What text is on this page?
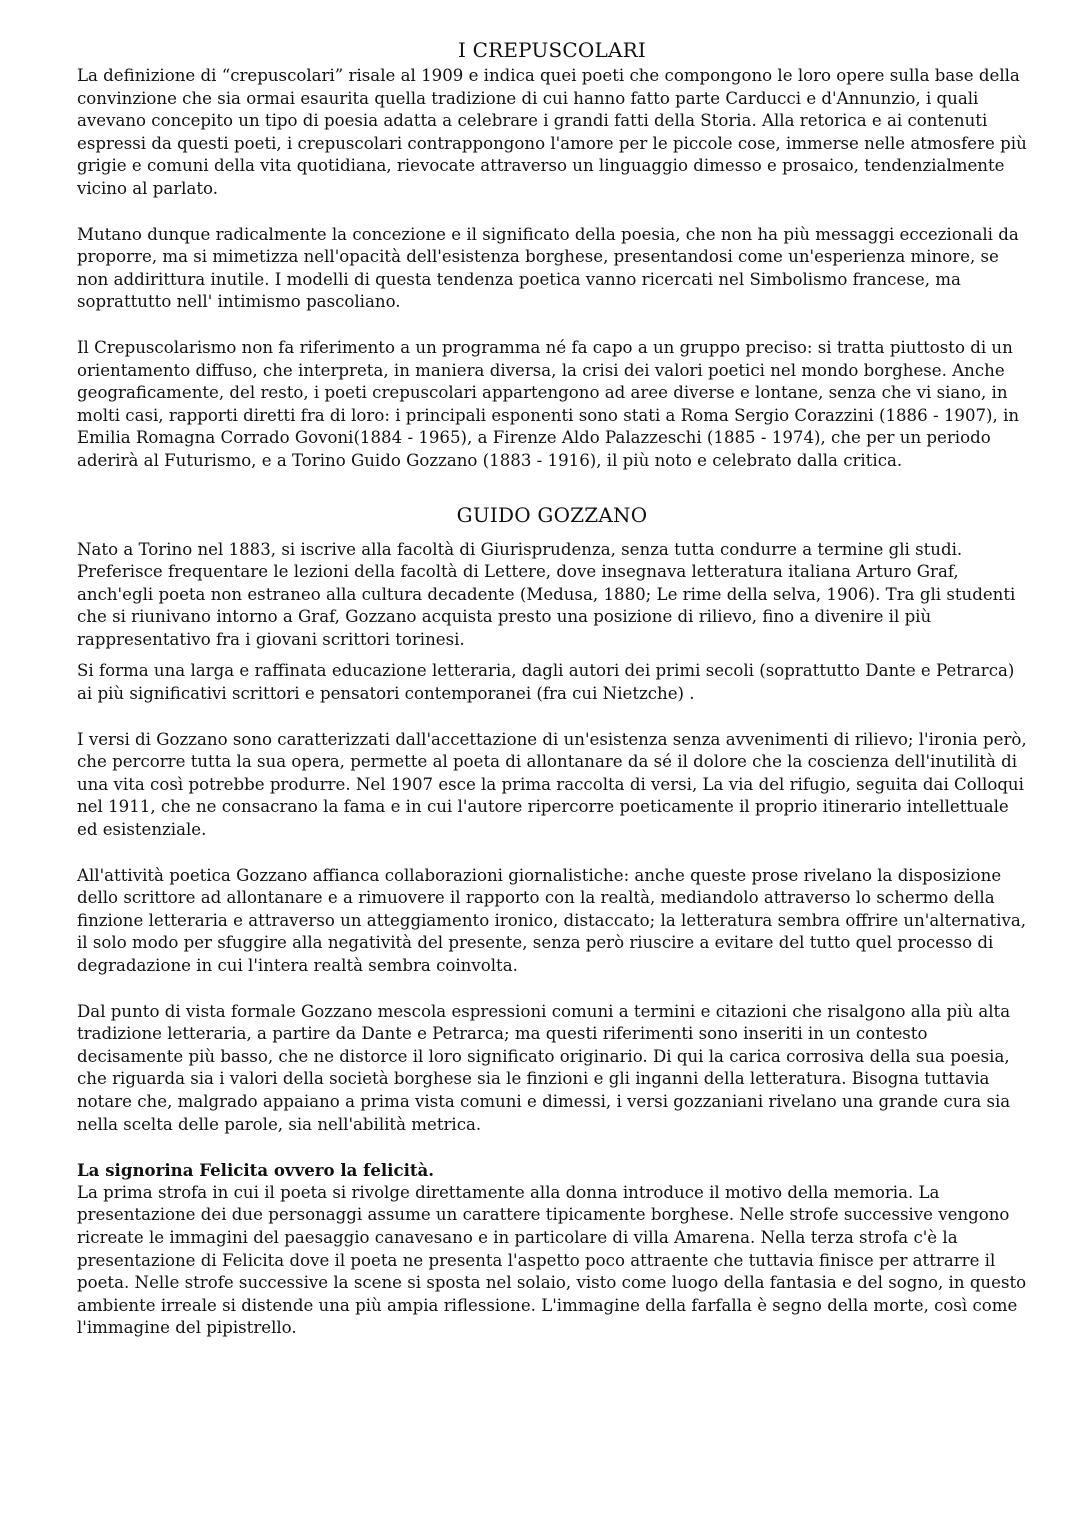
I CREPUSCOLARI

La definizione di “crepuscolari” risale al 1909 e indica quei poeti che compongono le loro opere sulla base della convinzione che sia ormai esaurita quella tradizione di cui hanno fatto parte Carducci e d'Annunzio, i quali avevano concepito un tipo di poesia adatta a celebrare i grandi fatti della Storia. Alla retorica e ai contenuti espressi da questi poeti, i crepuscolari contrappongono l'amore per le piccole cose, immerse nelle atmosfere più grigie e comuni della vita quotidiana, rievocate attraverso un linguaggio dimesso e prosaico, tendenzialmente vicino al parlato.

Mutano dunque radicalmente la concezione e il significato della poesia, che non ha più messaggi eccezionali da proporre, ma si mimetizza nell'opacità dell'esistenza borghese, presentandosi come un'esperienza minore, se non addirittura inutile. I modelli di questa tendenza poetica vanno ricercati nel Simbolismo francese, ma soprattutto nell' intimismo pascoliano.

Il Crepuscolarismo non fa riferimento a un programma né fa capo a un gruppo preciso: si tratta piuttosto di un orientamento diffuso, che interpreta, in maniera diversa, la crisi dei valori poetici nel mondo borghese. Anche geograficamente, del resto, i poeti crepuscolari appartengono ad aree diverse e lontane, senza che vi siano, in molti casi, rapporti diretti fra di loro: i principali esponenti sono stati a Roma Sergio Corazzini (1886 - 1907), in Emilia Romagna Corrado Govoni(1884 - 1965), a Firenze Aldo Palazzeschi (1885 - 1974), che per un periodo aderirà al Futurismo, e a Torino Guido Gozzano (1883 - 1916), il più noto e celebrato dalla critica.

GUIDO GOZZANO

Nato a Torino nel 1883, si iscrive alla facoltà di Giurisprudenza, senza tutta condurre a termine gli studi. Preferisce frequentare le lezioni della facoltà di Lettere, dove insegnava letteratura italiana Arturo Graf, anch'egli poeta non estraneo alla cultura decadente (Medusa, 1880; Le rime della selva, 1906). Tra gli studenti che si riunivano intorno a Graf, Gozzano acquista presto una posizione di rilievo, fino a divenire il più rappresentativo fra i giovani scrittori torinesi.

Si forma una larga e raffinata educazione letteraria, dagli autori dei primi secoli (soprattutto Dante e Petrarca) ai più significativi scrittori e pensatori contemporanei (fra cui Nietzche) .

I versi di Gozzano sono caratterizzati dall'accettazione di un'esistenza senza avvenimenti di rilievo; l'ironia però, che percorre tutta la sua opera, permette al poeta di allontanare da sé il dolore che la coscienza dell'inutilità di una vita così potrebbe produrre. Nel 1907 esce la prima raccolta di versi, La via del rifugio, seguita dai Colloqui nel 1911, che ne consacrano la fama e in cui l'autore ripercorre poeticamente il proprio itinerario intellettuale ed esistenziale.

All'attività poetica Gozzano affianca collaborazioni giornalistiche: anche queste prose rivelano la disposizione dello scrittore ad allontanare e a rimuovere il rapporto con la realtà, mediandolo attraverso lo schermo della finzione letteraria e attraverso un atteggiamento ironico, distaccato; la letteratura sembra offrire un'alternativa, il solo modo per sfuggire alla negatività del presente, senza però riuscire a evitare del tutto quel processo di degradazione in cui l'intera realtà sembra coinvolta.

Dal punto di vista formale Gozzano mescola espressioni comuni a termini e citazioni che risalgono alla più alta tradizione letteraria, a partire da Dante e Petrarca; ma questi riferimenti sono inseriti in un contesto decisamente più basso, che ne distorce il loro significato originario. Di qui la carica corrosiva della sua poesia, che riguarda sia i valori della società borghese sia le finzioni e gli inganni della letteratura. Bisogna tuttavia notare che, malgrado appaiano a prima vista comuni e dimessi, i versi gozzaniani rivelano una grande cura sia nella scelta delle parole, sia nell'abilità metrica.

La signorina Felicita ovvero la felicità.

La prima strofa in cui il poeta si rivolge direttamente alla donna introduce il motivo della memoria. La presentazione dei due personaggi assume un carattere tipicamente borghese. Nelle strofe successive vengono ricreate le immagini del paesaggio canavesano e in particolare di villa Amarena. Nella terza strofa c'è la presentazione di Felicita dove il poeta ne presenta l'aspetto poco attraente che tuttavia finisce per attrarre il poeta. Nelle strofe successive la scene si sposta nel solaio, visto come luogo della fantasia e del sogno, in questo ambiente irreale si distende una più ampia riflessione. L'immagine della farfalla è segno della morte, così come l'immagine del pipistrello.
